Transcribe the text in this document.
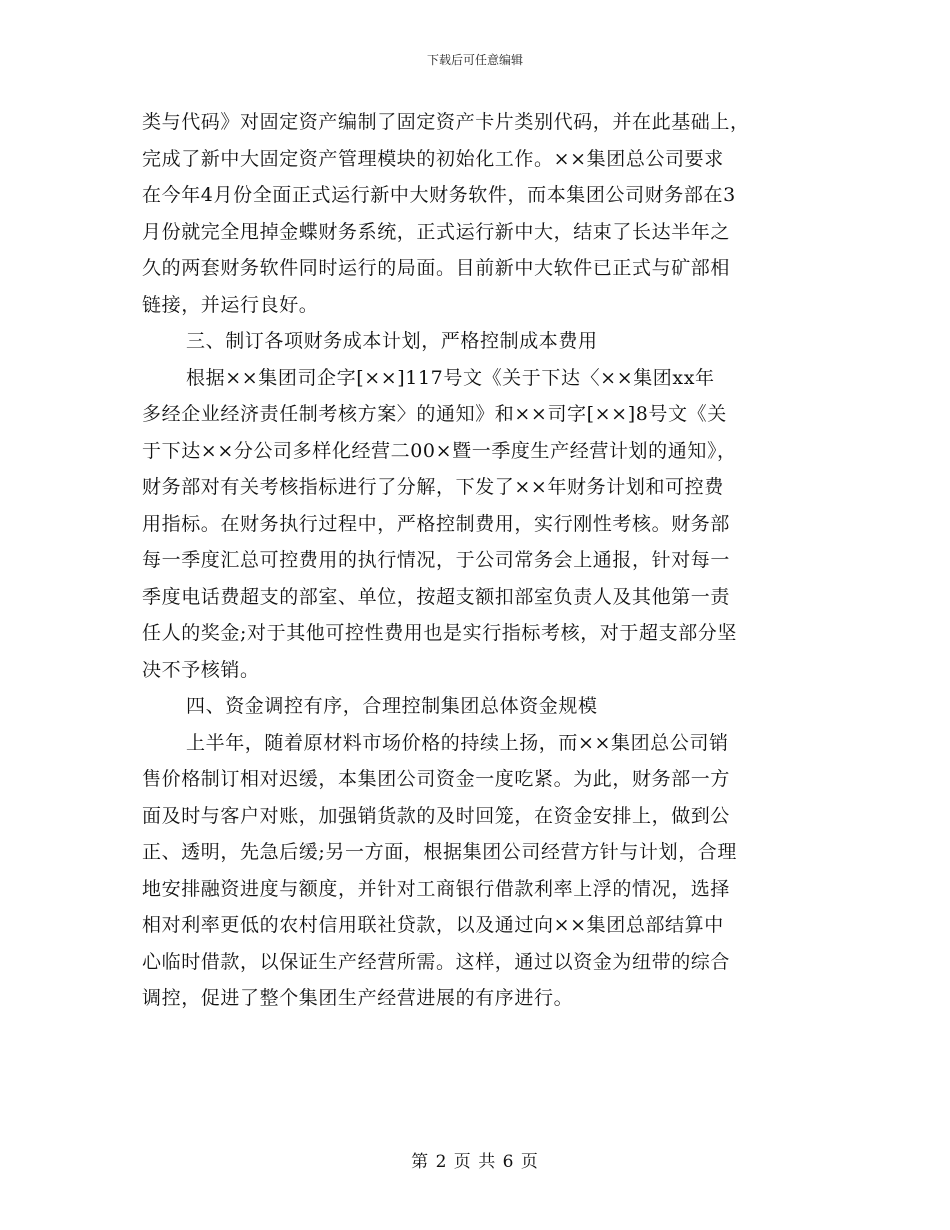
下载后可任意编辑
类与代码》对固定资产编制了固定资产卡片类别代码，并在此基础上，
完成了新中大固定资产管理模块的初始化工作。××集团总公司要求
在今年4月份全面正式运行新中大财务软件，而本集团公司财务部在3
月份就完全甩掉金蝶财务系统，正式运行新中大，结束了长达半年之
久的两套财务软件同时运行的局面。目前新中大软件已正式与矿部相
链接，并运行良好。
三、制订各项财务成本计划，严格控制成本费用
根据××集团司企字[××]117号文《关于下达〈××集团xx年
多经企业经济责任制考核方案〉的通知》和××司字[××]8号文《关
于下达××分公司多样化经营二00×暨一季度生产经营计划的通知》，
财务部对有关考核指标进行了分解，下发了××年财务计划和可控费
用指标。在财务执行过程中，严格控制费用，实行刚性考核。财务部
每一季度汇总可控费用的执行情况，于公司常务会上通报，针对每一
季度电话费超支的部室、单位，按超支额扣部室负责人及其他第一责
任人的奖金;对于其他可控性费用也是实行指标考核，对于超支部分坚
决不予核销。
四、资金调控有序，合理控制集团总体资金规模
上半年，随着原材料市场价格的持续上扬，而××集团总公司销
售价格制订相对迟缓，本集团公司资金一度吃紧。为此，财务部一方
面及时与客户对账，加强销货款的及时回笼，在资金安排上，做到公
正、透明，先急后缓;另一方面，根据集团公司经营方针与计划，合理
地安排融资进度与额度，并针对工商银行借款利率上浮的情况，选择
相对利率更低的农村信用联社贷款，以及通过向××集团总部结算中
心临时借款，以保证生产经营所需。这样，通过以资金为纽带的综合
调控，促进了整个集团生产经营进展的有序进行。
第 2 页 共 6 页
